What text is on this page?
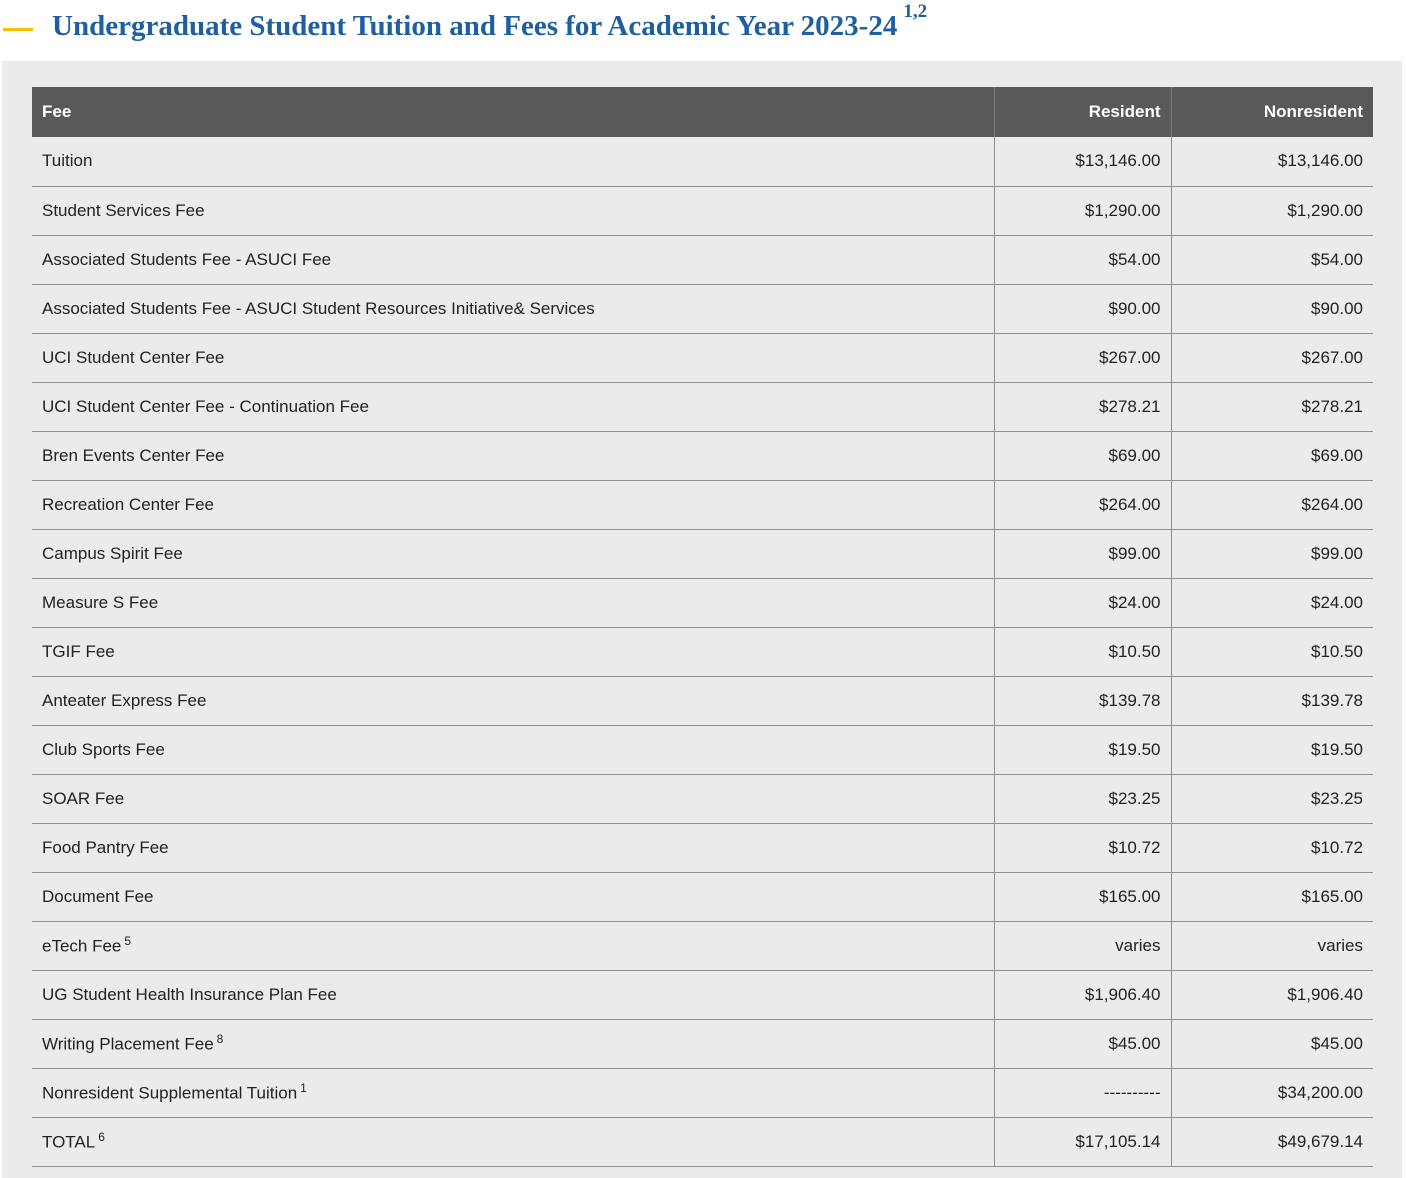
Undergraduate Student Tuition and Fees for Academic Year 2023-24 $^{1,2}$
Fee	Resident	Nonresident
Tuition	$13,146.00	$13,146.00
Student Services Fee	$1,290.00	$1,290.00
Associated Students Fee - ASUCI Fee	$54.00	$54.00
Associated Students Fee - ASUCI Student Resources Initiative& Services	$90.00	$90.00
UCI Student Center Fee	$267.00	$267.00
UCI Student Center Fee - Continuation Fee	$278.21	$278.21
Bren Events Center Fee	$69.00	$69.00
Recreation Center Fee	$264.00	$264.00
Campus Spirit Fee	$99.00	$99.00
Measure S Fee	$24.00	$24.00
TGIF Fee	$10.50	$10.50
Anteater Express Fee	$139.78	$139.78
Club Sports Fee	$19.50	$19.50
SOAR Fee	$23.25	$23.25
Food Pantry Fee	$10.72	$10.72
Document Fee	$165.00	$165.00
eTech Fee $^5$	varies	varies
UG Student Health Insurance Plan Fee	$1,906.40	$1,906.40
Writing Placement Fee $^8$	$45.00	$45.00
Nonresident Supplemental Tuition $^1$	----------	$34,200.00
TOTAL $^6$	$17,105.14	$49,679.14
